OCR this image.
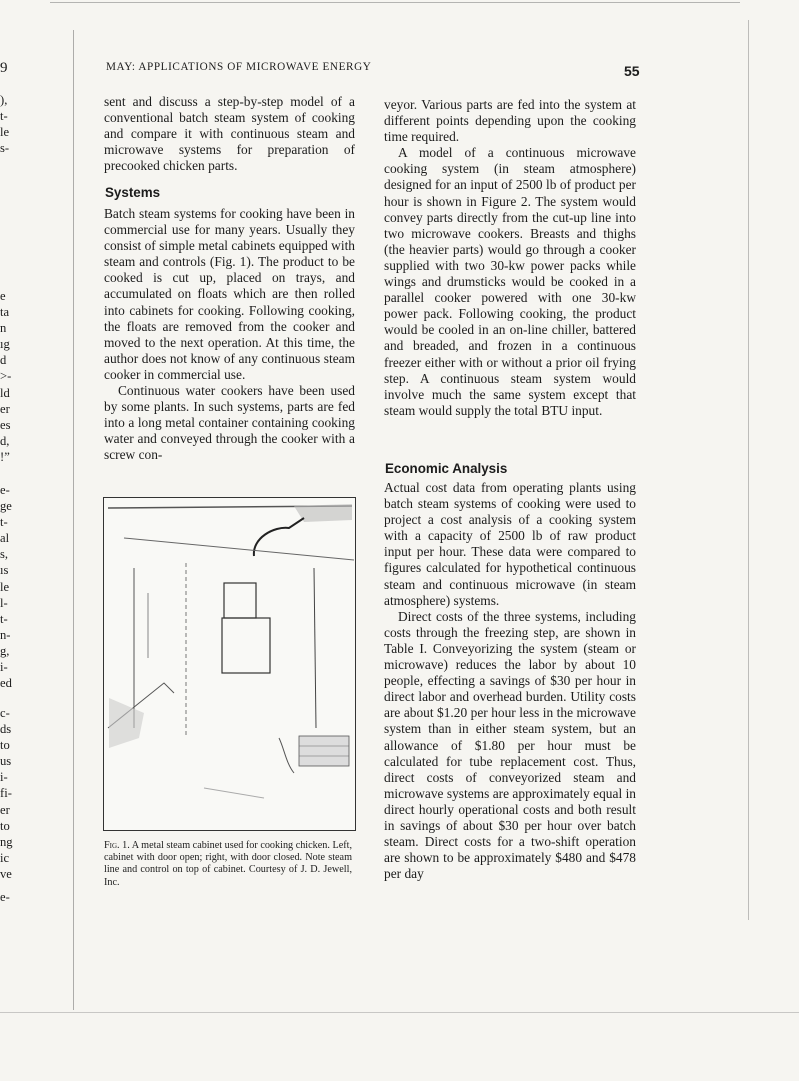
9
),
t-
le
s-
e
ta
n
ıg
d
>-
ld
er
es
d,
!”
e-
ge
t-
al
s,
ıs
le
l-
t-
n-
g,
i-
ed
c-
ds
to
us
i-
fi-
er
to
ng
ic
ve
e-
MAY: APPLICATIONS OF MICROWAVE ENERGY	55

sent and discuss a step-by-step model of a conventional batch steam system of cooking and compare it with continuous steam and microwave systems for preparation of precooked chicken parts.

Systems

Batch steam systems for cooking have been in commercial use for many years. Usually they consist of simple metal cabinets equipped with steam and controls (Fig. 1). The product to be cooked is cut up, placed on trays, and accumulated on floats which are then rolled into cabinets for cooking. Following cooking, the floats are removed from the cooker and moved to the next operation. At this time, the author does not know of any continuous steam cooker in commercial use.

Continuous water cookers have been used by some plants. In such systems, parts are fed into a long metal container containing cooking water and conveyed through the cooker with a screw con-

Fig. 1. A metal steam cabinet used for cooking chicken. Left, cabinet with door open; right, with door closed. Note steam line and control on top of cabinet. Courtesy of J. D. Jewell, Inc.

veyor. Various parts are fed into the system at different points depending upon the cooking time required.

A model of a continuous microwave cooking system (in steam atmosphere) designed for an input of 2500 lb of product per hour is shown in Figure 2. The system would convey parts directly from the cut-up line into two microwave cookers. Breasts and thighs (the heavier parts) would go through a cooker supplied with two 30-kw power packs while wings and drumsticks would be cooked in a parallel cooker powered with one 30-kw power pack. Following cooking, the product would be cooled in an on-line chiller, battered and breaded, and frozen in a continuous freezer either with or without a prior oil frying step. A continuous steam system would involve much the same system except that steam would supply the total BTU input.

Economic Analysis

Actual cost data from operating plants using batch steam systems of cooking were used to project a cost analysis of a cooking system with a capacity of 2500 lb of raw product input per hour. These data were compared to figures calculated for hypothetical continuous steam and continuous microwave (in steam atmosphere) systems.

Direct costs of the three systems, including costs through the freezing step, are shown in Table I. Conveyorizing the system (steam or microwave) reduces the labor by about 10 people, effecting a savings of $30 per hour in direct labor and overhead burden. Utility costs are about $1.20 per hour less in the microwave system than in either steam system, but an allowance of $1.80 per hour must be calculated for tube replacement cost. Thus, direct costs of conveyorized steam and microwave systems are approximately equal in direct hourly operational costs and both result in savings of about $30 per hour over batch steam. Direct costs for a two-shift operation are shown to be approximately $480 and $478 per day
